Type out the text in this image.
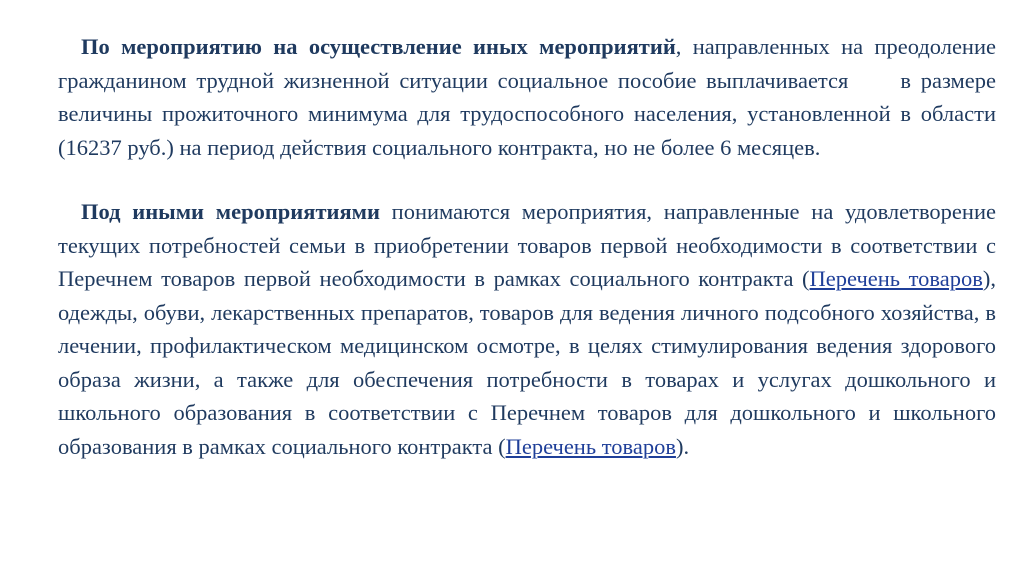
По мероприятию на осуществление иных мероприятий, направленных на преодоление гражданином трудной жизненной ситуации социальное пособие выплачивается в размере величины прожиточного минимума для трудоспособного населения, установленной в области (16237 руб.) на период действия социального контракта, но не более 6 месяцев.

Под иными мероприятиями понимаются мероприятия, направленные на удовлетворение текущих потребностей семьи в приобретении товаров первой необходимости в соответствии с Перечнем товаров первой необходимости в рамках социального контракта (Перечень товаров), одежды, обуви, лекарственных препаратов, товаров для ведения личного подсобного хозяйства, в лечении, профилактическом медицинском осмотре, в целях стимулирования ведения здорового образа жизни, а также для обеспечения потребности в товарах и услугах дошкольного и школьного образования в соответствии с Перечнем товаров для дошкольного и школьного образования в рамках социального контракта (Перечень товаров).
